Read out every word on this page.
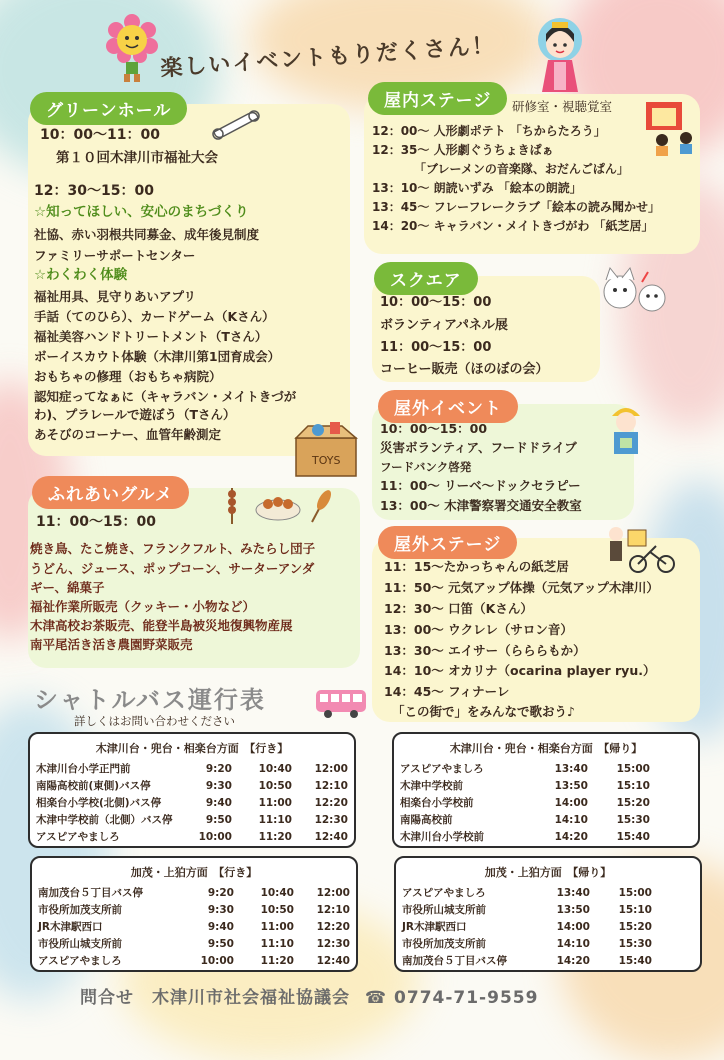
楽しいイベントもりだくさん！
グリーンホール
10：00〜11：00
第１０回木津川市福祉大会
12：30〜15：00
☆知ってほしい、安心のまちづくり
社協、赤い羽根共同募金、成年後見制度
ファミリーサポートセンター
☆わくわく体験
福祉用具、見守りあいアプリ
手話（てのひら）、カードゲーム（Kさん）
福祉美容ハンドトリートメント（Tさん）
ボーイスカウト体験（木津川第1団育成会）
おもちゃの修理（おもちゃ病院）
認知症ってなぁに（キャラバン・メイトきづが
わ)、プラレールで遊ぼう（Tさん）
あそびのコーナー、血管年齢測定
TOYS
ふれあいグルメ
11：00〜15：00
焼き鳥、たこ焼き、フランクフルト、みたらし団子
うどん、ジュース、ポップコーン、サーターアンダ
ギー、綿菓子
福祉作業所販売（クッキー・小物など）
木津高校お茶販売、能登半島被災地復興物産展
南平尾活き活き農園野菜販売
屋内ステージ	研修室・視聴覚室
12：00〜 人形劇ポテト 「ちからたろう」
12：35〜 人形劇ぐうちょきぱぁ
　　　　「ブレーメンの音楽隊、おだんごぱん」
13：10〜 朗読いずみ 「絵本の朗読」
13：45〜 フレーフレークラブ「絵本の読み聞かせ」
14：20〜 キャラバン・メイトきづがわ 「紙芝居」
スクエア
10：00〜15：00
ボランティアパネル展
11：00〜15：00
コーヒー販売（ほのぼの会）
屋外イベント
10：00〜15：00
災害ボランティア、フードドライブ
フードバンク啓発
11：00〜 リーベ〜ドックセラピー
13：00〜 木津警察署交通安全教室
屋外ステージ
11：15〜たかっちゃんの紙芝居
11：50〜 元気アップ体操（元気アップ木津川）
12：30〜 口笛（Kさん）
13：00〜 ウクレレ（サロン音）
13：30〜 エイサー（らららもか）
14：10〜 オカリナ（ocarina player ryu.）
14：45〜 フィナーレ
「この街で」をみんなで歌おう♪
シャトルバス運行表
詳しくはお問い合わせください
木津川台・兜台・相楽台方面　【行き】
木津川台小学正門前	9:20	10:40	12:00
南陽高校前(東側)バス停	9:30	10:50	12:10
相楽台小学校(北側)バス停	9:40	11:00	12:20
木津中学校前（北側）バス停	9:50	11:10	12:30
アスピアやましろ	10:00	11:20	12:40
木津川台・兜台・相楽台方面　【帰り】
アスピアやましろ	13:40	15:00
木津中学校前	13:50	15:10
相楽台小学校前	14:00	15:20
南陽高校前	14:10	15:30
木津川台小学校前	14:20	15:40
加茂・上狛方面　【行き】
南加茂台５丁目バス停	9:20	10:40	12:00
市役所加茂支所前	9:30	10:50	12:10
JR木津駅西口	9:40	11:00	12:20
市役所山城支所前	9:50	11:10	12:30
アスピアやましろ	10:00	11:20	12:40
加茂・上狛方面　【帰り】
アスピアやましろ	13:40	15:00
市役所山城支所前	13:50	15:10
JR木津駅西口	14:00	15:20
市役所加茂支所前	14:10	15:30
南加茂台５丁目バス停	14:20	15:40
問合せ　木津川市社会福祉協議会 ☎ 0774-71-9559
